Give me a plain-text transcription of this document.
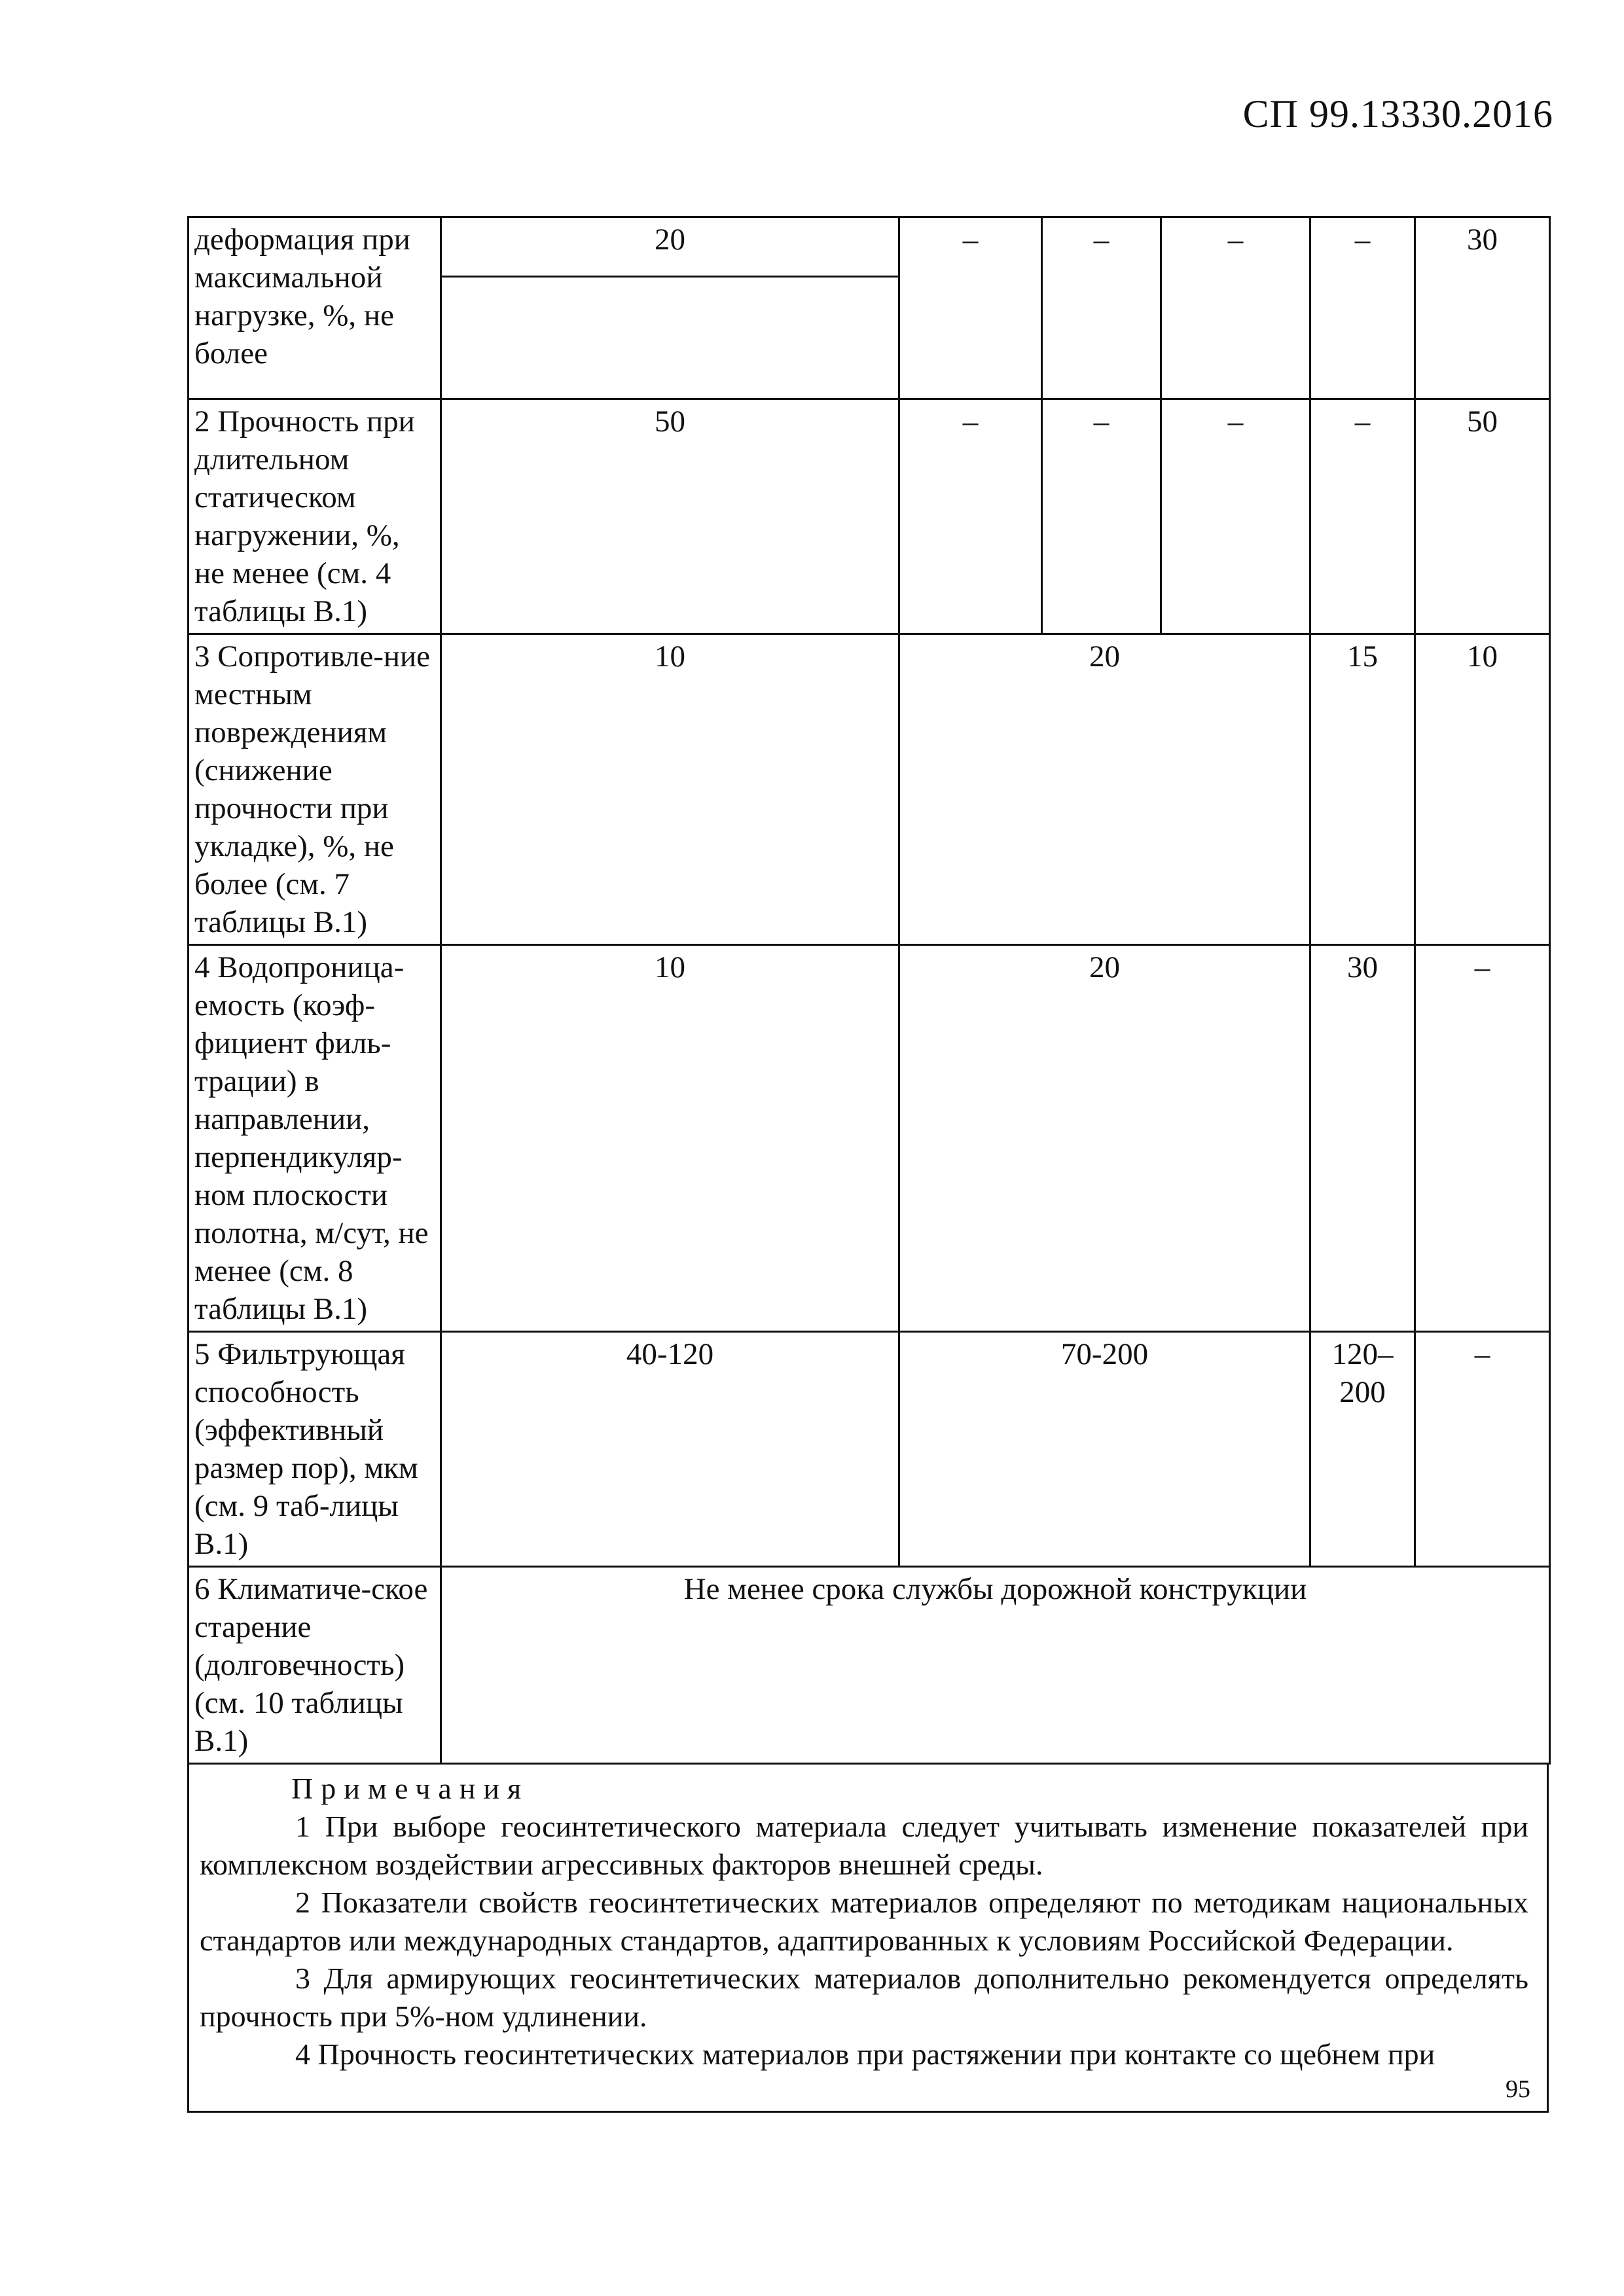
СП 99.13330.2016
деформация при максимальной нагрузке, %, не более	20	–	–	–	–	30
2 Прочность при длительном статическом нагружении, %, не менее (см. 4 таблицы В.1)	50	–	–	–	–	50
3 Сопротивле-ние местным повреждениям (снижение прочности при укладке), %, не более (см. 7 таблицы В.1)	10	20			15	10
4 Водопроница-емость (коэф-фициент филь-трации) в направлении, перпендикуляр-ном плоскости полотна, м/сут, не менее (см. 8 таблицы В.1)	10	20			30	–
5 Фильтрующая способность (эффективный размер пор), мкм (см. 9 таб-лицы В.1)	40-120	70-200			120–200	–
6 Климатиче-ское старение (долговечность) (см. 10 таблицы В.1)	Не менее срока службы дорожной конструкции					
Примечания

1 При выборе геосинтетического материала следует учитывать изменение показателей при комплексном воздействии агрессивных факторов внешней среды.

2 Показатели свойств геосинтетических материалов определяют по методикам национальных стандартов или международных стандартов, адаптированных к условиям Российской Федерации.

3 Для армирующих геосинтетических материалов дополнительно рекомендуется определять прочность при 5%-ном удлинении.

4 Прочность геосинтетических материалов при растяжении при контакте со щебнем при

95
